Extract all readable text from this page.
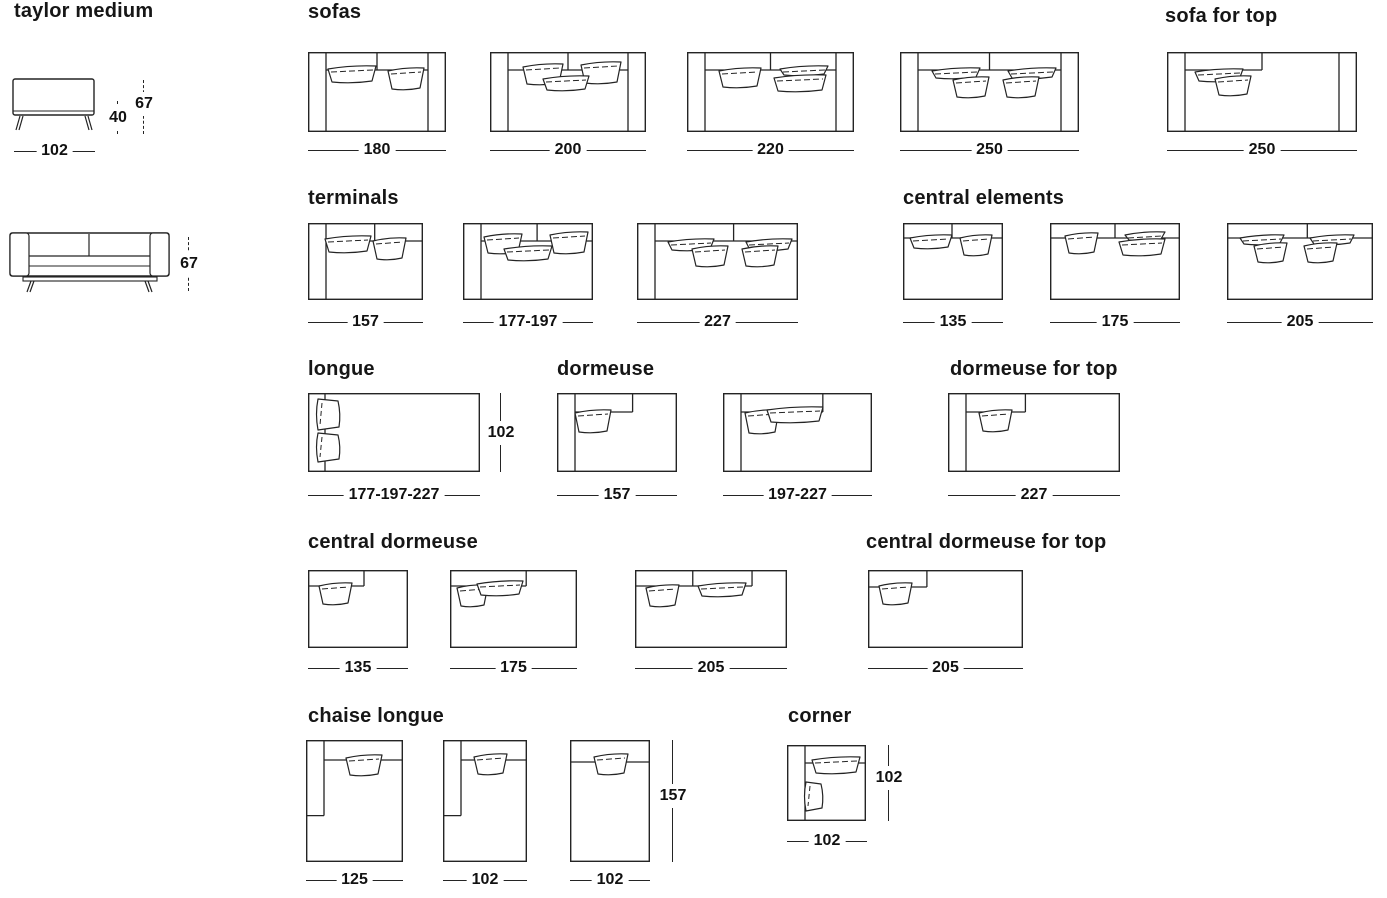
taylor medium
40
67
102
67
sofas	sofa for top
180	200	220	250	250
terminals	central elements
157	177-197	227	135	175	205
longue	dormeuse	dormeuse for top
102
177-197-227	157	197-227	227
central dormeuse	central dormeuse for top
135	175	205	205
chaise longue	corner
157
125	102	102
102
102
